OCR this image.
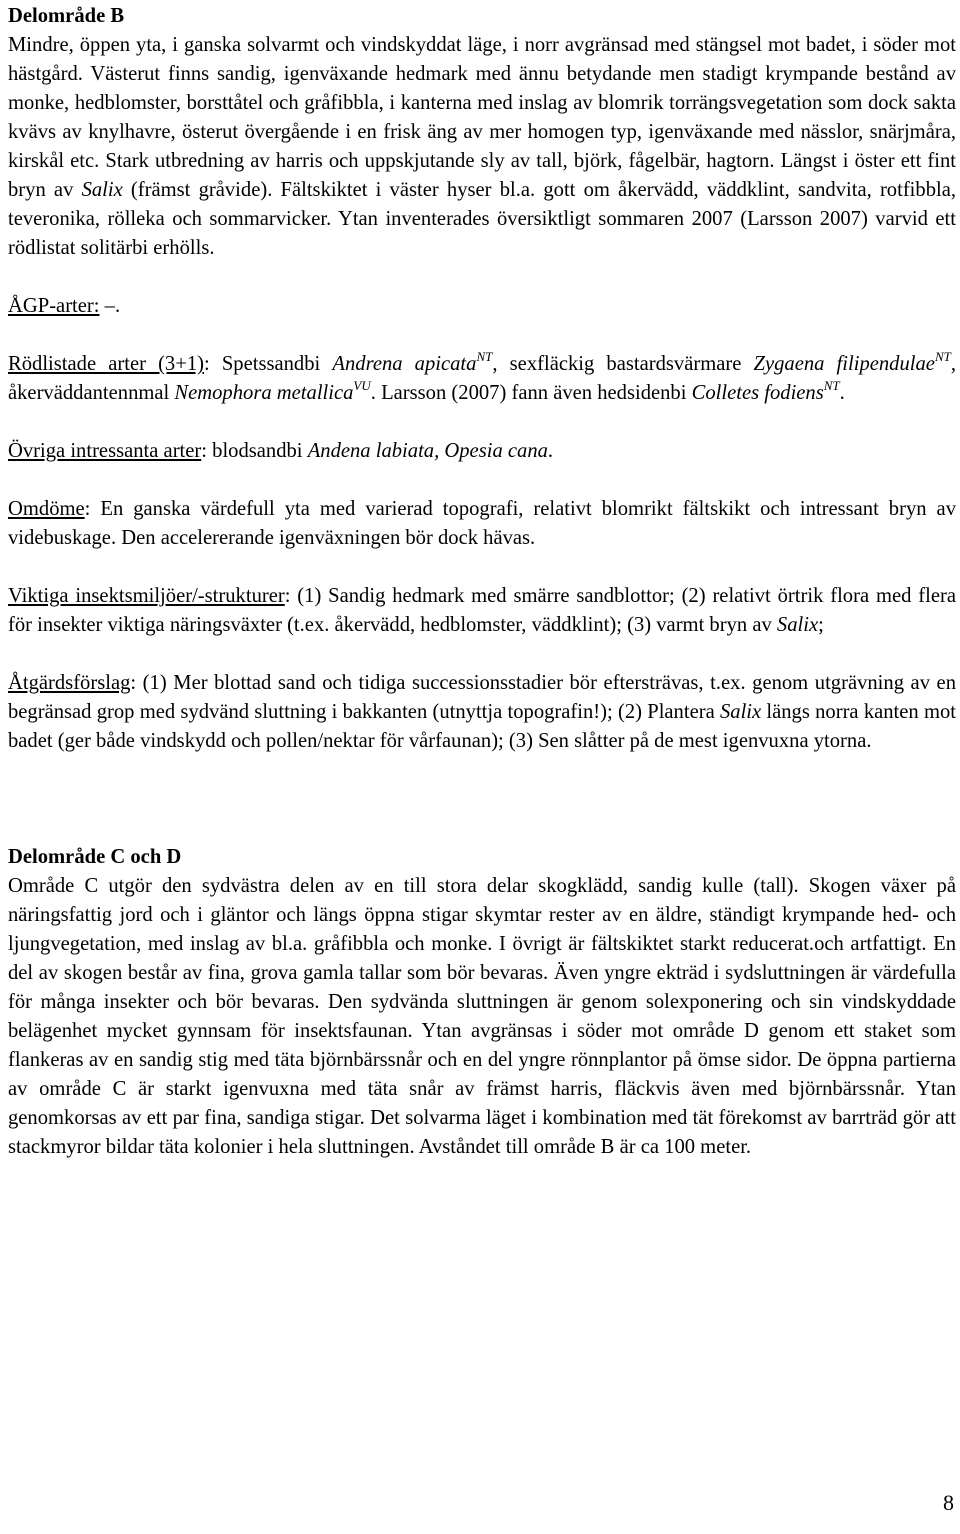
Delområde B

Mindre, öppen yta, i ganska solvarmt och vindskyddat läge, i norr avgränsad med stängsel mot badet, i söder mot hästgård. Västerut finns sandig, igenväxande hedmark med ännu betydande men stadigt krympande bestånd av monke, hedblomster, borsttåtel och gråfibbla, i kanterna med inslag av blomrik torrängsvegetation som dock sakta kvävs av knylhavre, österut övergående i en frisk äng av mer homogen typ, igenväxande med nässlor, snärjmåra, kirskål etc. Stark utbredning av harris och uppskjutande sly av tall, björk, fågelbär, hagtorn. Längst i öster ett fint bryn av Salix (främst gråvide). Fältskiktet i väster hyser bl.a. gott om åkervädd, väddklint, sandvita, rotfibbla, teveronika, rölleka och sommarvicker. Ytan inventerades översiktligt sommaren 2007 (Larsson 2007) varvid ett rödlistat solitärbi erhölls.

ÅGP-arter: –.

Rödlistade arter (3+1): Spetssandbi Andrena apicata$^{NT}$, sexfläckig bastardsvärmare Zygaena filipendulae$^{NT}$, åkerväddantennmal Nemophora metallica$^{VU}$. Larsson (2007) fann även hedsidenbi Colletes fodiens$^{NT}$.

Övriga intressanta arter: blodsandbi Andena labiata, Opesia cana.

Omdöme: En ganska värdefull yta med varierad topografi, relativt blomrikt fältskikt och intressant bryn av videbuskage. Den accelererande igenväxningen bör dock hävas.

Viktiga insektsmiljöer/-strukturer: (1) Sandig hedmark med smärre sandblottor; (2) relativt örtrik flora med flera för insekter viktiga näringsväxter (t.ex. åkervädd, hedblomster, väddklint); (3) varmt bryn av Salix;

Åtgärdsförslag: (1) Mer blottad sand och tidiga successionsstadier bör eftersträvas, t.ex. genom utgrävning av en begränsad grop med sydvänd sluttning i bakkanten (utnyttja topografin!); (2) Plantera Salix längs norra kanten mot badet (ger både vindskydd och pollen/nektar för vårfaunan); (3) Sen slåtter på de mest igenvuxna ytorna.

Delområde C och D

Område C utgör den sydvästra delen av en till stora delar skogklädd, sandig kulle (tall). Skogen växer på näringsfattig jord och i gläntor och längs öppna stigar skymtar rester av en äldre, ständigt krympande hed- och ljungvegetation, med inslag av bl.a. gråfibbla och monke. I övrigt är fältskiktet starkt reducerat.och artfattigt. En del av skogen består av fina, grova gamla tallar som bör bevaras. Även yngre ekträd i sydsluttningen är värdefulla för många insekter och bör bevaras. Den sydvända sluttningen är genom solexponering och sin vindskyddade belägenhet mycket gynnsam för insektsfaunan. Ytan avgränsas i söder mot område D genom ett staket som flankeras av en sandig stig med täta björnbärssnår och en del yngre rönnplantor på ömse sidor. De öppna partierna av område C är starkt igenvuxna med täta snår av främst harris, fläckvis även med björnbärssnår. Ytan genomkorsas av ett par fina, sandiga stigar. Det solvarma läget i kombination med tät förekomst av barrträd gör att stackmyror bildar täta kolonier i hela sluttningen. Avståndet till område B är ca 100 meter.

8
